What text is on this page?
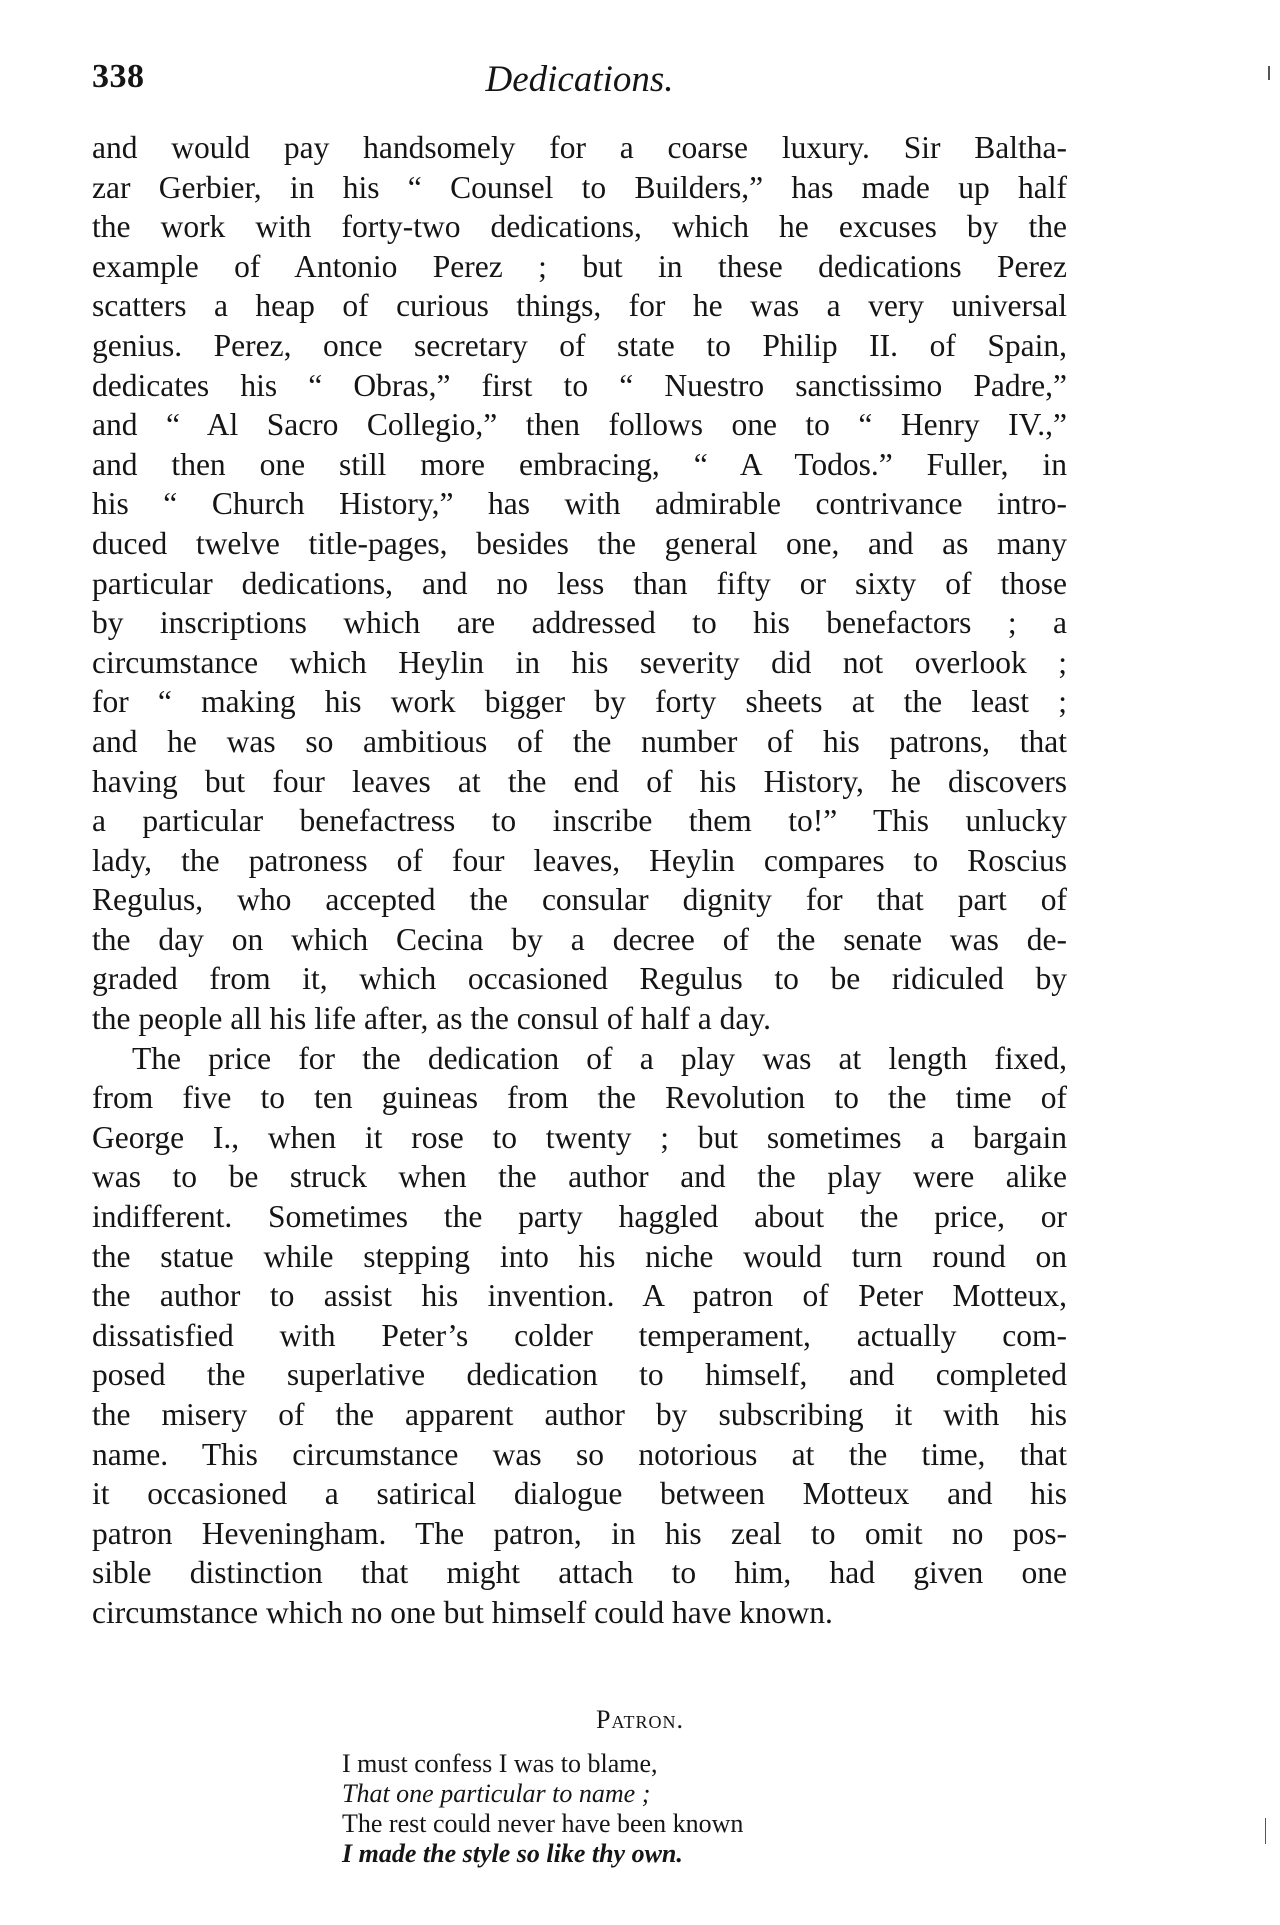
338	Dedications.
and would pay handsomely for a coarse luxury. Sir Baltha-
zar Gerbier, in his “ Counsel to Builders,” has made up half
the work with forty-two dedications, which he excuses by the
example of Antonio Perez ; but in these dedications Perez
scatters a heap of curious things, for he was a very universal
genius. Perez, once secretary of state to Philip II. of Spain,
dedicates his “ Obras,” first to “ Nuestro sanctissimo Padre,”
and “ Al Sacro Collegio,” then follows one to “ Henry IV.,”
and then one still more embracing, “ A Todos.” Fuller, in
his “ Church History,” has with admirable contrivance intro-
duced twelve title-pages, besides the general one, and as many
particular dedications, and no less than fifty or sixty of those
by inscriptions which are addressed to his benefactors ; a
circumstance which Heylin in his severity did not overlook ;
for “ making his work bigger by forty sheets at the least ;
and he was so ambitious of the number of his patrons, that
having but four leaves at the end of his History, he discovers
a particular benefactress to inscribe them to!” This unlucky
lady, the patroness of four leaves, Heylin compares to Roscius
Regulus, who accepted the consular dignity for that part of
the day on which Cecina by a decree of the senate was de-
graded from it, which occasioned Regulus to be ridiculed by
the people all his life after, as the consul of half a day.
The price for the dedication of a play was at length fixed,
from five to ten guineas from the Revolution to the time of
George I., when it rose to twenty ; but sometimes a bargain
was to be struck when the author and the play were alike
indifferent. Sometimes the party haggled about the price, or
the statue while stepping into his niche would turn round on
the author to assist his invention. A patron of Peter Motteux,
dissatisfied with Peter’s colder temperament, actually com-
posed the superlative dedication to himself, and completed
the misery of the apparent author by subscribing it with his
name. This circumstance was so notorious at the time, that
it occasioned a satirical dialogue between Motteux and his
patron Heveningham. The patron, in his zeal to omit no pos-
sible distinction that might attach to him, had given one
circumstance which no one but himself could have known.
Patron.
I must confess I was to blame,
That one particular to name ;
The rest could never have been known
I made the style so like thy own.
